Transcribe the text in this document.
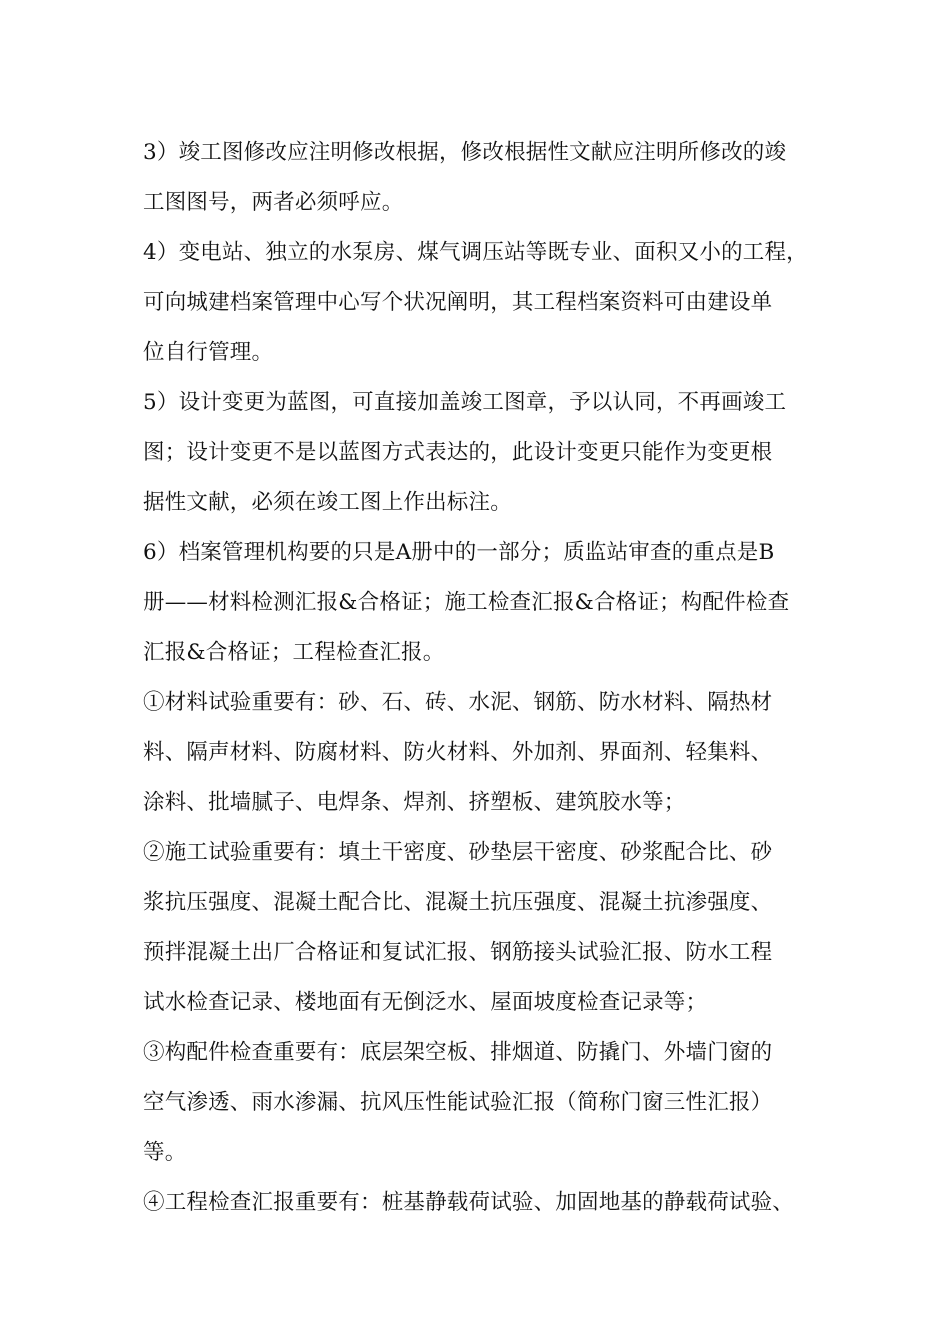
3）竣工图修改应注明修改根据，修改根据性文献应注明所修改的竣
工图图号，两者必须呼应。
4）变电站、独立的水泵房、煤气调压站等既专业、面积又小的工程，
可向城建档案管理中心写个状况阐明，其工程档案资料可由建设单
位自行管理。
5）设计变更为蓝图，可直接加盖竣工图章，予以认同，不再画竣工
图；设计变更不是以蓝图方式表达的，此设计变更只能作为变更根
据性文献，必须在竣工图上作出标注。
6）档案管理机构要的只是A册中的一部分；质监站审查的重点是B
册——材料检测汇报&合格证；施工检查汇报&合格证；构配件检查
汇报&合格证；工程检查汇报。
①材料试验重要有：砂、石、砖、水泥、钢筋、防水材料、隔热材
料、隔声材料、防腐材料、防火材料、外加剂、界面剂、轻集料、
涂料、批墙腻子、电焊条、焊剂、挤塑板、建筑胶水等；
②施工试验重要有：填土干密度、砂垫层干密度、砂浆配合比、砂
浆抗压强度、混凝土配合比、混凝土抗压强度、混凝土抗渗强度、
预拌混凝土出厂合格证和复试汇报、钢筋接头试验汇报、防水工程
试水检查记录、楼地面有无倒泛水、屋面坡度检查记录等；
③构配件检查重要有：底层架空板、排烟道、防撬门、外墙门窗的
空气渗透、雨水渗漏、抗风压性能试验汇报（简称门窗三性汇报）
等。
④工程检查汇报重要有：桩基静载荷试验、加固地基的静载荷试验、
